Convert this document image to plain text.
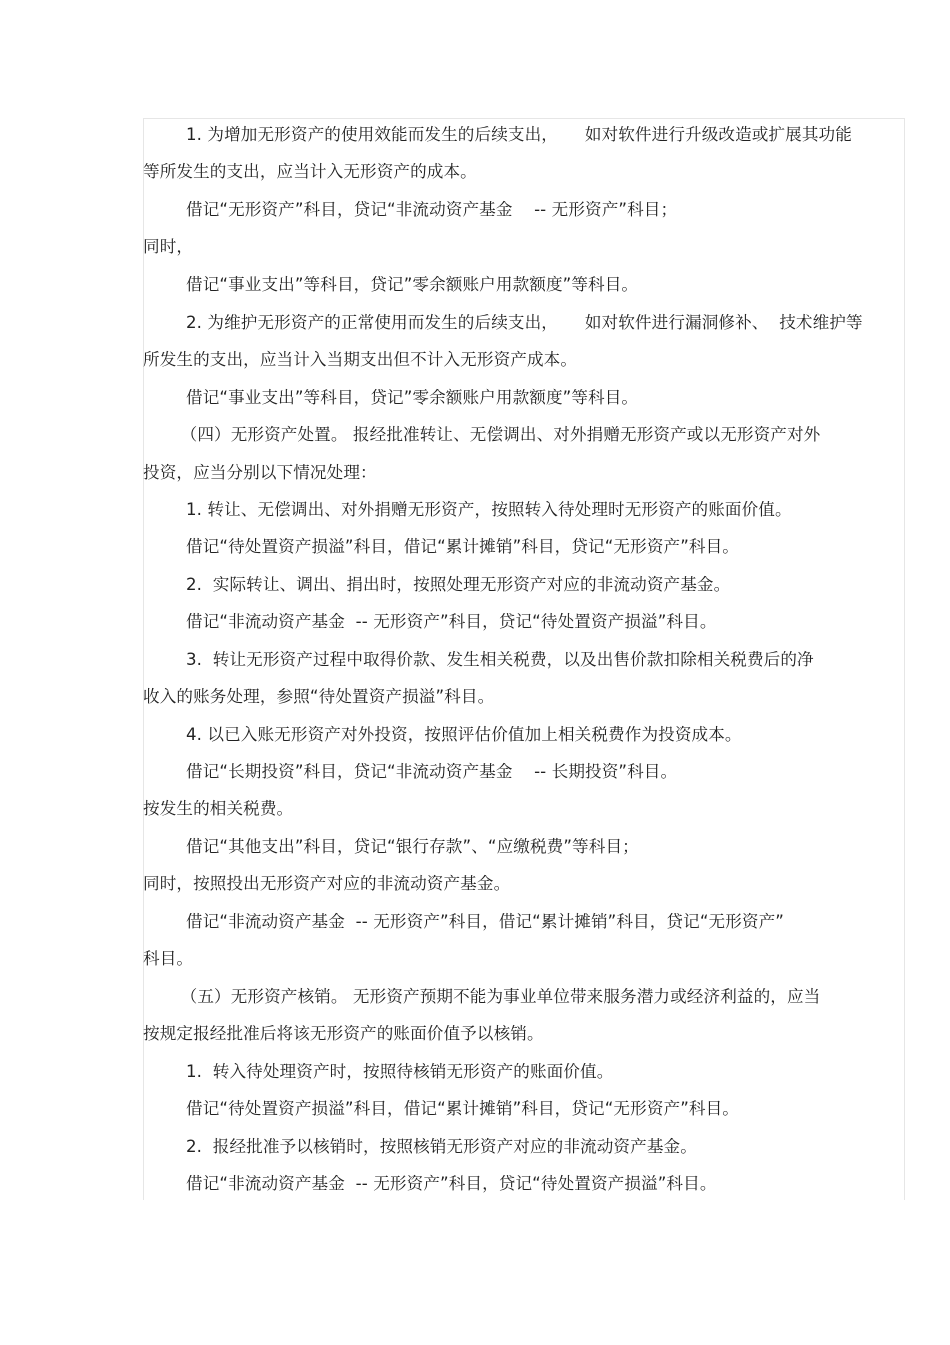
1. 为增加无形资产的使用效能而发生的后续支出，     如对软件进行升级改造或扩展其功能
等所发生的支出，应当计入无形资产的成本。
借记“无形资产”科目，贷记“非流动资产基金    -- 无形资产”科目；
同时，
借记“事业支出”等科目，贷记”零余额账户用款额度”等科目。
2. 为维护无形资产的正常使用而发生的后续支出，     如对软件进行漏洞修补、  技术维护等
所发生的支出，应当计入当期支出但不计入无形资产成本。
借记“事业支出”等科目，贷记”零余额账户用款额度”等科目。
（四）无形资产处置。 报经批准转让、无偿调出、对外捐赠无形资产或以无形资产对外
投资，应当分别以下情况处理：
1. 转让、无偿调出、对外捐赠无形资产，按照转入待处理时无形资产的账面价值。
借记“待处置资产损溢”科目，借记“累计摊销”科目，贷记“无形资产”科目。
2.  实际转让、调出、捐出时，按照处理无形资产对应的非流动资产基金。
借记“非流动资产基金  -- 无形资产”科目，贷记“待处置资产损溢”科目。
3.  转让无形资产过程中取得价款、发生相关税费，以及出售价款扣除相关税费后的净
收入的账务处理，参照“待处置资产损溢”科目。
4. 以已入账无形资产对外投资，按照评估价值加上相关税费作为投资成本。
借记“长期投资”科目，贷记“非流动资产基金    -- 长期投资”科目。
按发生的相关税费。
借记“其他支出”科目，贷记“银行存款”、“应缴税费”等科目；
同时，按照投出无形资产对应的非流动资产基金。
借记“非流动资产基金  -- 无形资产”科目，借记“累计摊销”科目，贷记“无形资产”
科目。
（五）无形资产核销。 无形资产预期不能为事业单位带来服务潜力或经济利益的，应当
按规定报经批准后将该无形资产的账面价值予以核销。
1.  转入待处理资产时，按照待核销无形资产的账面价值。
借记“待处置资产损溢”科目，借记“累计摊销”科目，贷记“无形资产”科目。
2.  报经批准予以核销时，按照核销无形资产对应的非流动资产基金。
借记“非流动资产基金  -- 无形资产”科目，贷记“待处置资产损溢”科目。
